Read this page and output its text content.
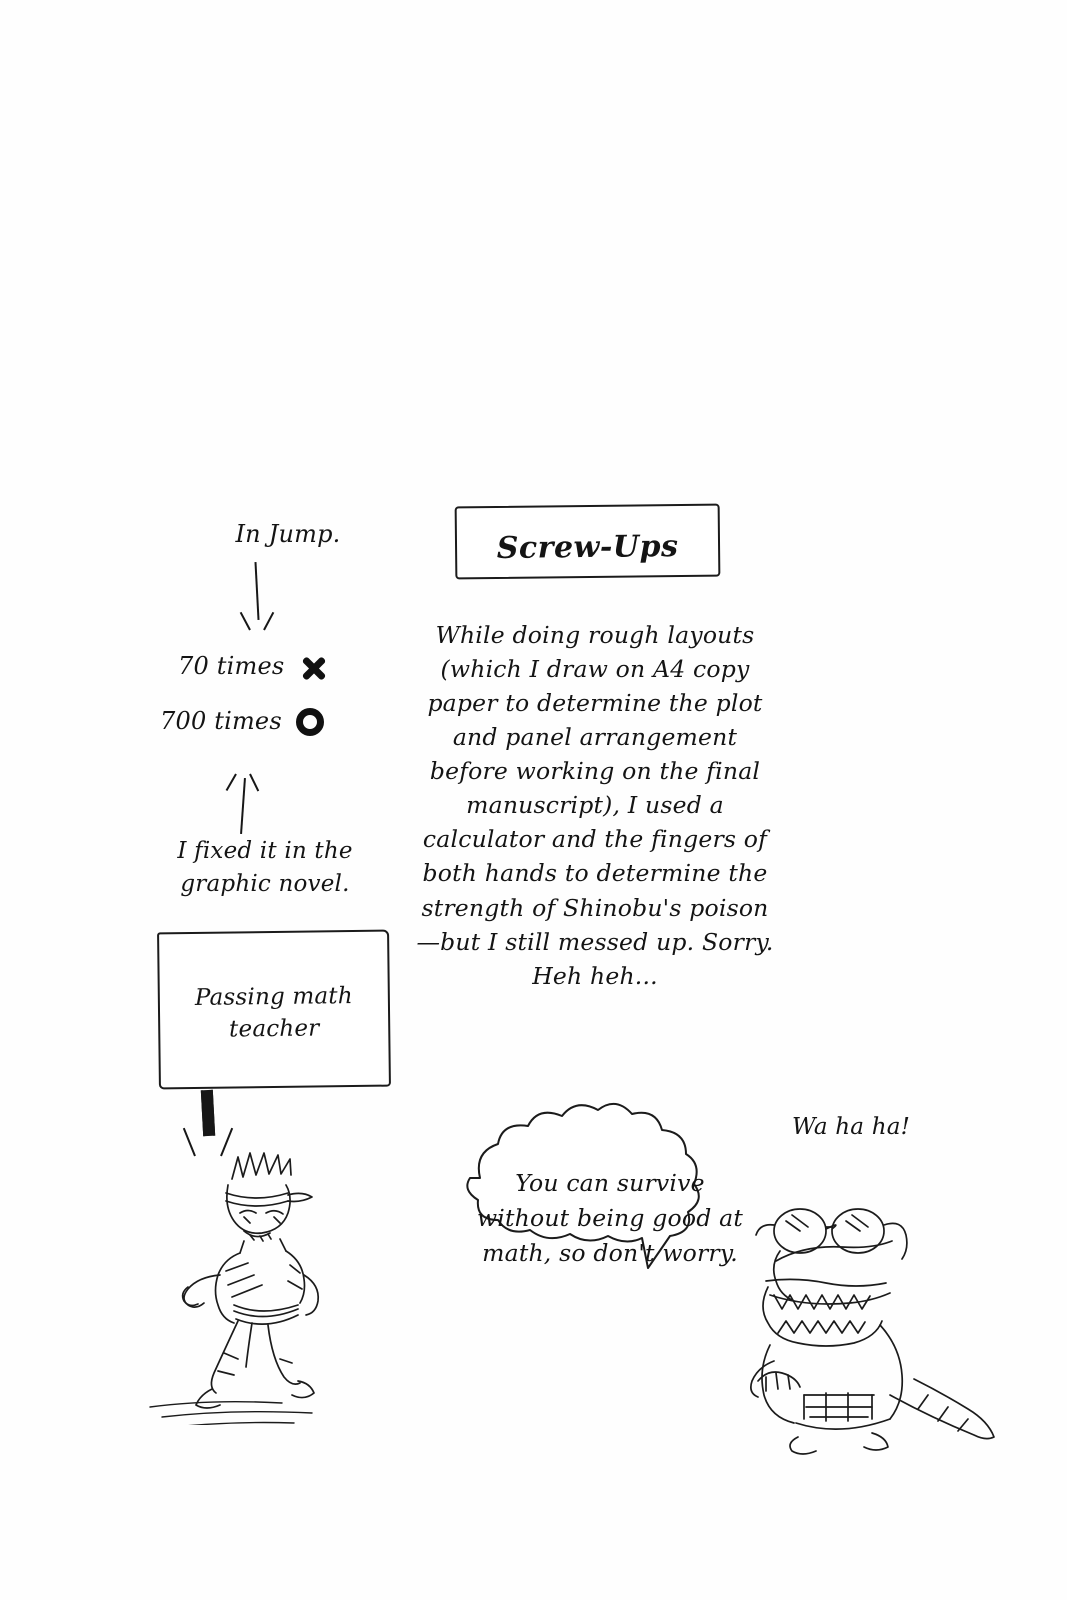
In Jump.
70 times
700 times
I fixed it in the graphic novel.
Passing math teacher
Screw-Ups
While doing rough layouts (which I draw on A4 copy paper to determine the plot and panel arrangement before working on the final manuscript), I used a calculator and the fingers of both hands to determine the strength of Shinobu's poison—but I still messed up. Sorry. Heh heh...
You can survive without being good at math, so don't worry.
Wa ha ha!
